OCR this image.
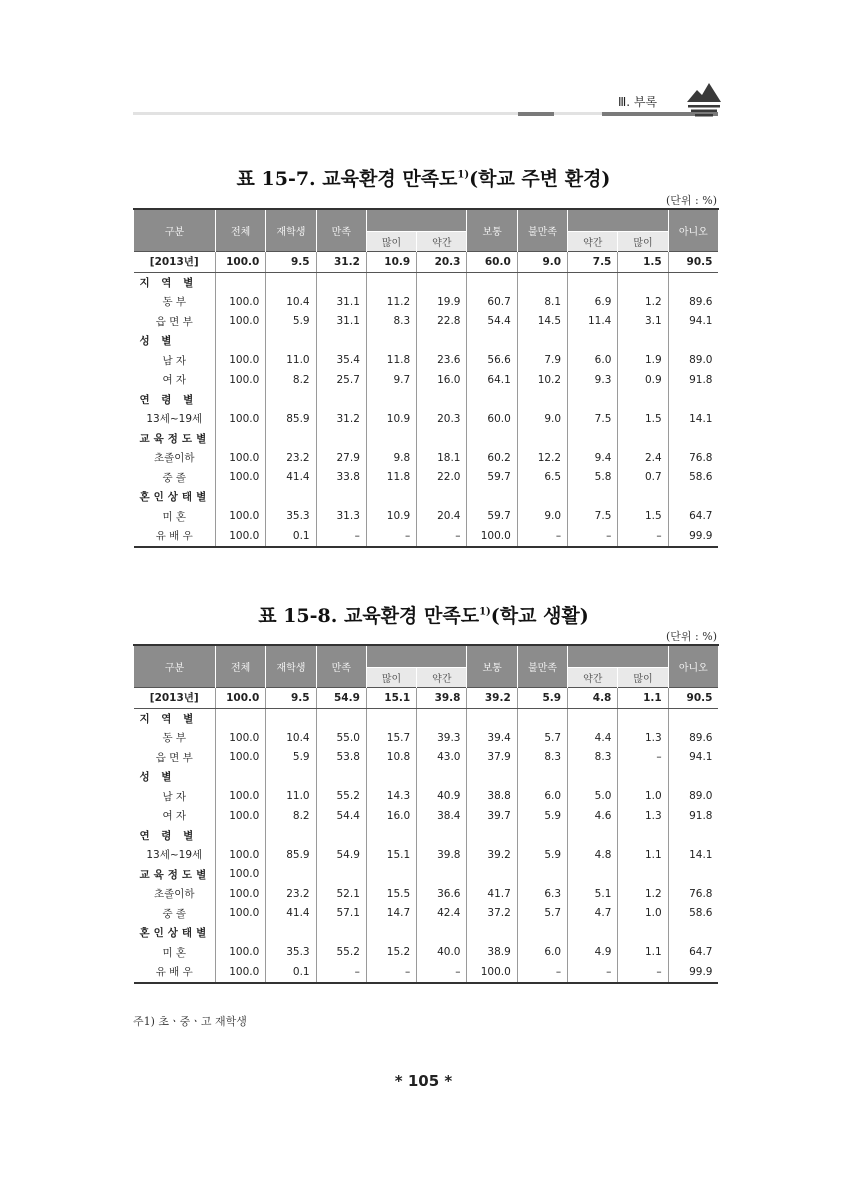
Ⅲ. 부록
표 15-7. 교육환경 만족도$^{1)}$(학교 주변 환경)
(단위 : %)
구분	전체	재학생	만족			보통	불만족			아니오
				많이	약간			약간	많이	
[2013년]	100.0	9.5	31.2	10.9	20.3	60.0	9.0	7.5	1.5	90.5
지 역 별										
동 부	100.0	10.4	31.1	11.2	19.9	60.7	8.1	6.9	1.2	89.6
읍 면 부	100.0	5.9	31.1	8.3	22.8	54.4	14.5	11.4	3.1	94.1
성 별										
남 자	100.0	11.0	35.4	11.8	23.6	56.6	7.9	6.0	1.9	89.0
여 자	100.0	8.2	25.7	9.7	16.0	64.1	10.2	9.3	0.9	91.8
연 령 별										
13세~19세	100.0	85.9	31.2	10.9	20.3	60.0	9.0	7.5	1.5	14.1
교육정도별										
초졸이하	100.0	23.2	27.9	9.8	18.1	60.2	12.2	9.4	2.4	76.8
중 졸	100.0	41.4	33.8	11.8	22.0	59.7	6.5	5.8	0.7	58.6
혼인상태별										
미 혼	100.0	35.3	31.3	10.9	20.4	59.7	9.0	7.5	1.5	64.7
유 배 우	100.0	0.1	–	–	–	100.0	–	–	–	99.9
표 15-8. 교육환경 만족도$^{1)}$(학교 생활)
(단위 : %)
구분	전체	재학생	만족			보통	불만족			아니오
				많이	약간			약간	많이	
[2013년]	100.0	9.5	54.9	15.1	39.8	39.2	5.9	4.8	1.1	90.5
지 역 별										
동 부	100.0	10.4	55.0	15.7	39.3	39.4	5.7	4.4	1.3	89.6
읍 면 부	100.0	5.9	53.8	10.8	43.0	37.9	8.3	8.3	–	94.1
성 별										
남 자	100.0	11.0	55.2	14.3	40.9	38.8	6.0	5.0	1.0	89.0
여 자	100.0	8.2	54.4	16.0	38.4	39.7	5.9	4.6	1.3	91.8
연 령 별										
13세~19세	100.0	85.9	54.9	15.1	39.8	39.2	5.9	4.8	1.1	14.1
교육정도별	100.0									
초졸이하	100.0	23.2	52.1	15.5	36.6	41.7	6.3	5.1	1.2	76.8
중 졸	100.0	41.4	57.1	14.7	42.4	37.2	5.7	4.7	1.0	58.6
혼인상태별										
미 혼	100.0	35.3	55.2	15.2	40.0	38.9	6.0	4.9	1.1	64.7
유 배 우	100.0	0.1	–	–	–	100.0	–	–	–	99.9
주1) 초ㆍ중ㆍ고 재학생
* 105 *
